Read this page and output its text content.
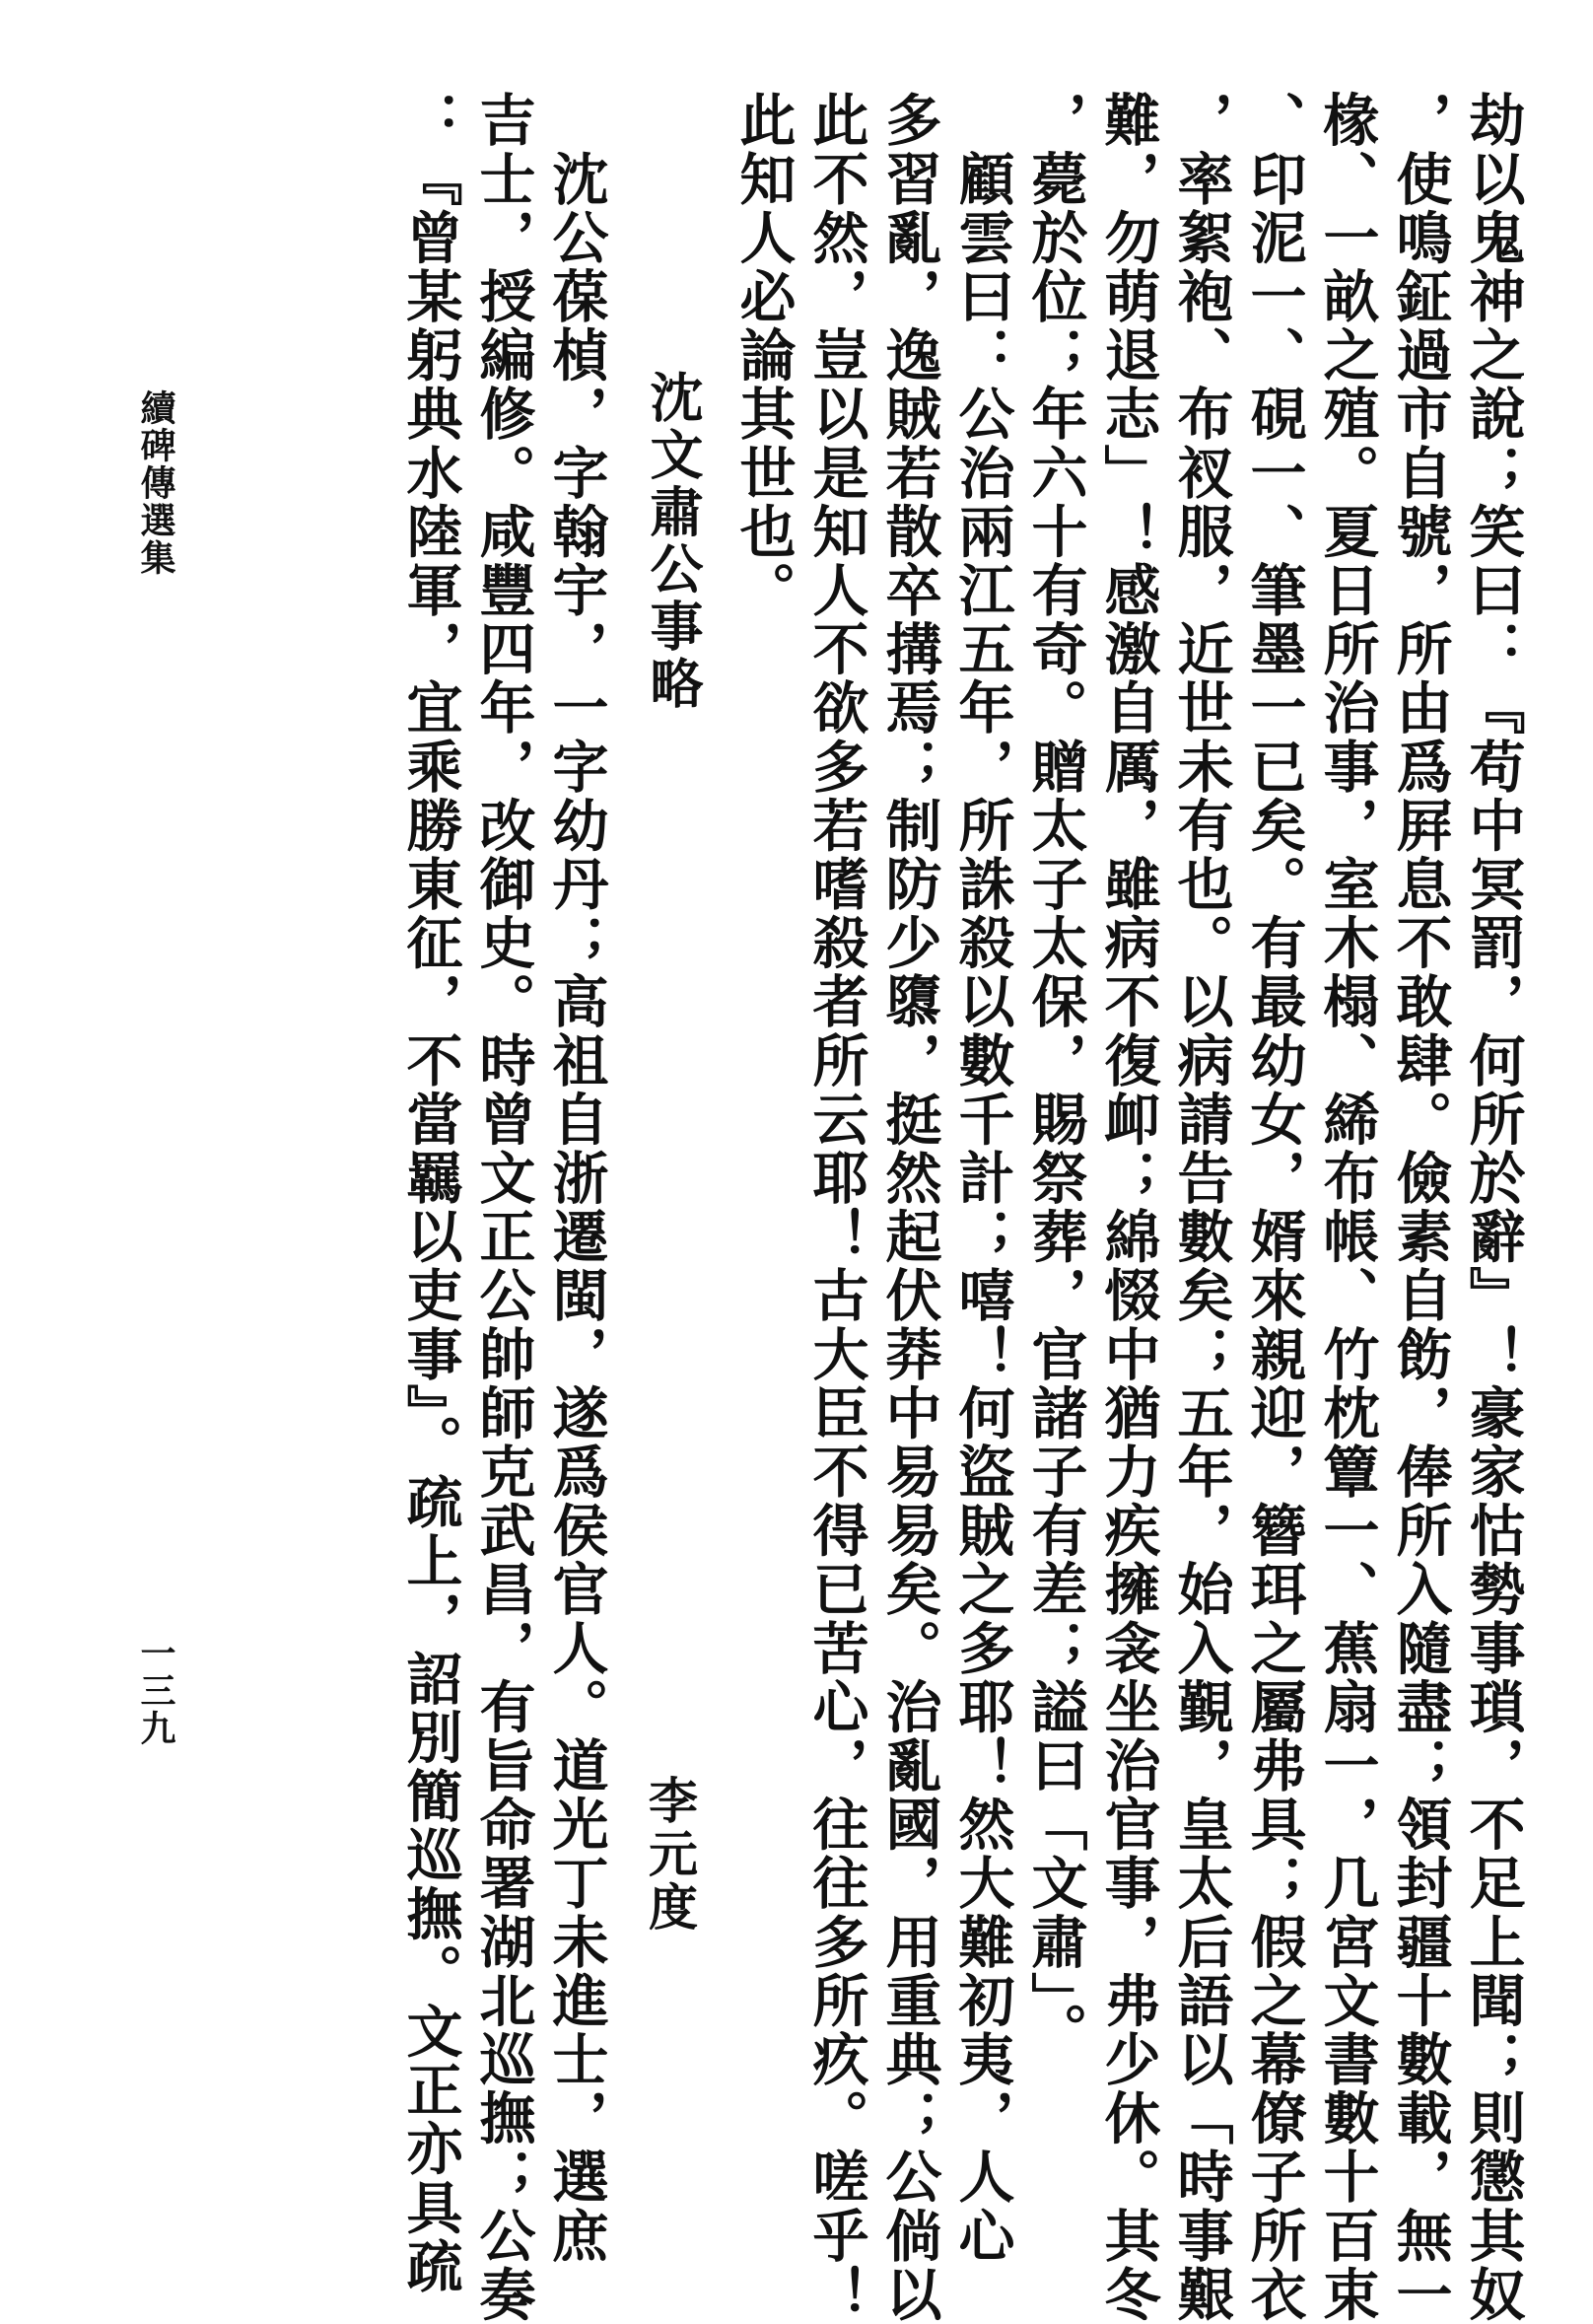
劫以鬼神之說；笑曰：『苟中冥罰，何所於辭』！豪家怙勢事瑣，不足上聞；則懲其奴
，使鳴鉦過市自號，所由爲屛息不敢肆。儉素自飭，俸所入隨盡；領封疆十數載，無一
椽、一畝之殖。夏日所治事，室木榻、絺布帳、竹枕簟一、蕉扇一，几宮文書數十百束
、印泥一、硯一、筆墨一已矣。有最幼女，婿來親迎，簪珥之屬弗具；假之幕僚子所衣
，率絮袍、布衩服，近世未有也。以病請告數矣；五年，始入覲，皇太后語以「時事艱
難，勿萌退志」！感激自厲，雖病不復卹；綿惙中猶力疾擁衾坐治官事，弗少休。其冬
，薨於位；年六十有奇。贈太子太保，賜祭葬，官諸子有差；謚曰「文肅」。
　顧雲曰：公治兩江五年，所誅殺以數千計；嘻！何盜賊之多耶！然大難初夷，人心
多習亂，逸賊若散卒搆焉；制防少隳，挺然起伏莽中易易矣。治亂國，用重典；公倘以
此不然，豈以是知人不欲多若嗜殺者所云耶！古大臣不得已苦心，往往多所疚。嗟乎！
此知人必論其世也。
沈文肅公事略
李元度
　沈公葆楨，字翰宇，一字幼丹；高祖自浙遷閩，遂爲侯官人。道光丁未進士，選庶
吉士，授編修。咸豐四年，改御史。時曾文正公帥師克武昌，有旨命署湖北巡撫；公奏
：『曾某躬典水陸軍，宜乘勝東征，不當羈以吏事』。疏上，詔別簡巡撫。文正亦具疏
續碑傳選集
一三九
